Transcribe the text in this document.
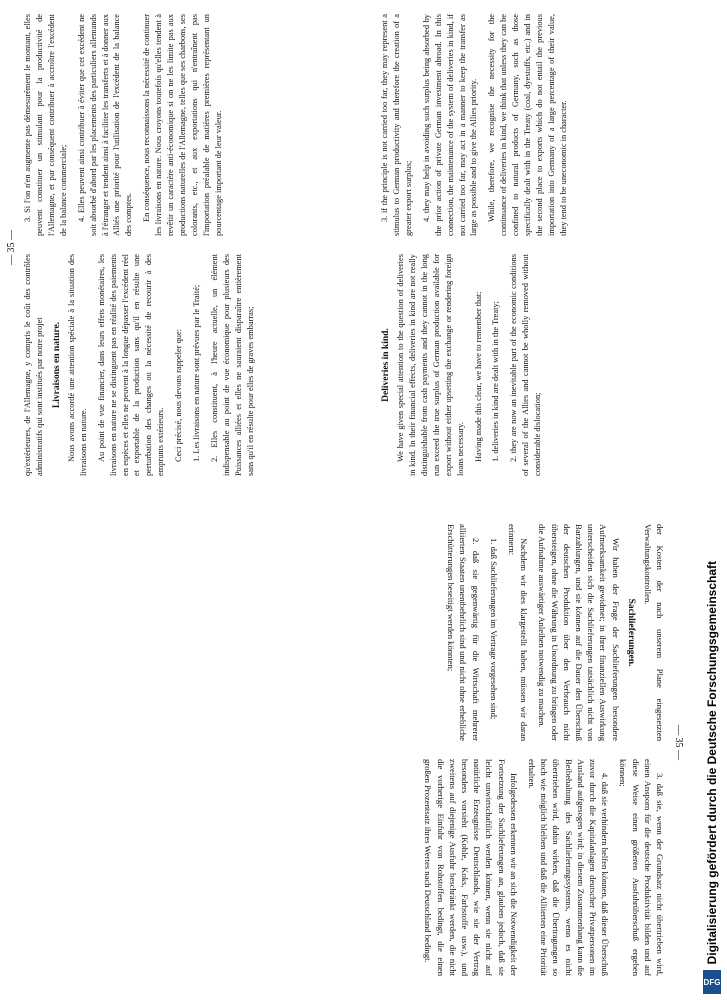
Deliveries in kind. We have given special attention to the question of deliveries in kind. In their financial effects, deliveries in kind are not really distinguishable from cash payments and they cannot in the long run exceed the true surplus of German production available for export without either upsetting the exchange or rendering foreign loans necessary. Having made this clear, we have to remember that: 1. deliveries in kind are dealt with in the Treaty; 2. they are now an inevitable part of the economic conditions of several of the Allies and cannot be wholly removed without considerable dislocation;

3. if the principle is not carried too far, they may represent a stimulus to German productivity and therefore the creation of a greater export surplus; 4. they may help in avoiding such surplus being absorbed by the prior action of private German investment abroad. In this connection, the maintenance of the system of deliveries in kind, if not carried too far, may act in a manner to keep the transfer as large as possible and to give the Allies priority. While, therefore, we recognise the necessity for the continuance of deliveries in kind, we think that unless they can be confined to natural products of Germany, such as those specifically dealt with in the Treaty (coal, dyestuffs, etc.) and in the second place to exports which do not entail the previous importation into Germany of a large percentage of their value, they tend to be uneconomic in character.

— 35 —

qu'extérieures, de l'Allemagne, y compris le coût des contrôles administratifs qui sont institués par notre projet Livraisons en nature. Nous avons accordé une attention spéciale à la situation des livraisons en nature. Au point de vue financier, dans leurs effets monétaires, les livraisons en nature ne se distinguent pas en réalité des paiements en espèces et elles ne peuvent à la longue dépasser l'excédent réel et exportable de la production sans qu'il en résulte une perturbation des changes ou la nécessité de recourir à des emprunts extérieurs. Ceci précisé, nous devons rappeler que: 1. Les livraisons en nature sont prévues par le Traité; 2. Elles constituent, à l'heure actuelle, un élément indispensable au point de vue économique pour plusieurs des Puissances alliées et elles ne sauraient disparaître entièrement sans qu'il en résulte pour elles de graves embarras;

3. Si l'on n'en augmente pas démesurément le montant, elles peuvent constituer un stimulant pour la productivité de l'Allemagne, et par conséquent contribuer à accroître l'excédent de la balance commerciale; 4. Elles peuvent ainsi contribuer à éviter que cet excédent ne soit absorbé d'abord par les placements des particuliers allemands à l'étranger et tendent ainsi à faciliter les transferts et à donner aux Alliés une priorité pour l'utilisation de l'excédent de la balance des comptes. En conséquence, nous reconnaissons la nécessité de continuer les livraisons en nature. Nous croyons toutefois qu'elles tendent à revêtir un caractère anti-économique si on ne les limite pas aux productions naturelles de l'Allemagne, telles que ses charbons, ses colorants, etc., et aux exportations qui n'entraînent pas l'importation préalable de matières premières représentant un pourcentage important de leur valeur.

— 35 —

der Kosten der nach unserem Plane eingesetzten Verwaltungskontrollen.

Sachlieferungen.

Wir haben der Frage der Sachlieferungen besondere Aufmerksamkeit gewidmet; in ihrer finanziellen Auswirkung unterscheiden sich die Sachlieferungen tatsächlich nicht von Barzahlungen, und sie können auf die Dauer den Überschuß der deutschen Produktion über den Verbrauch nicht übersteigen, ohne die Währung in Unordnung zu bringen oder die Aufnahme auswärtiger Anleihen notwendig zu machen.

Nachdem wir dies klargestellt haben, müssen wir daran erinnern:

1. daß Sachlieferungen im Vertrage vorgesehen sind;

2. daß sie gegenwärtig für die Wirtschaft mehrerer alliierten Staaten unentbehrlich sind und nicht ohne erhebliche Erschütterungen beseitigt werden könnten;

3. daß sie, wenn der Grundsatz nicht übertrieben wird, einen Ansporn für die deutsche Produktivität bilden und auf diese Weise einen größeren Ausfuhrüberschuß ergeben können;

4. daß sie verhindern helfen können, daß dieser Überschuß zuvor durch die Kapitalanlagen deutscher Privatpersonen im Ausland aufgesogen wird; in diesem Zusammenhang kann die Beibehaltung des Sachlieferungssystems, wenn es nicht übertrieben wird, dahin wirken, daß die Übertragungen so hoch wie möglich bleiben und daß die Alliierten eine Priorität erhalten.

Infolgedessen erkennen wir an sich die Notwendigkeit der Fortsetzung der Sachlieferungen an, glauben jedoch, daß sie leicht unwirtschaftlich werden können, wenn sie nicht auf natürliche Erzeugnisse Deutschlands, wie sie der Vertrag besonders vorsieht (Kohle, Koks, Farbstoffe usw.), und zweitens auf diejenige Ausfuhr beschränkt werden, die nicht die vorherige Einfuhr von Rohstoffen bedingt, die einen großen Prozentsatz ihres Wertes nach Deutschland bedingt.	Digitalisierung gefördert durch die Deutsche Forschungsgemeinschaft
DFG
